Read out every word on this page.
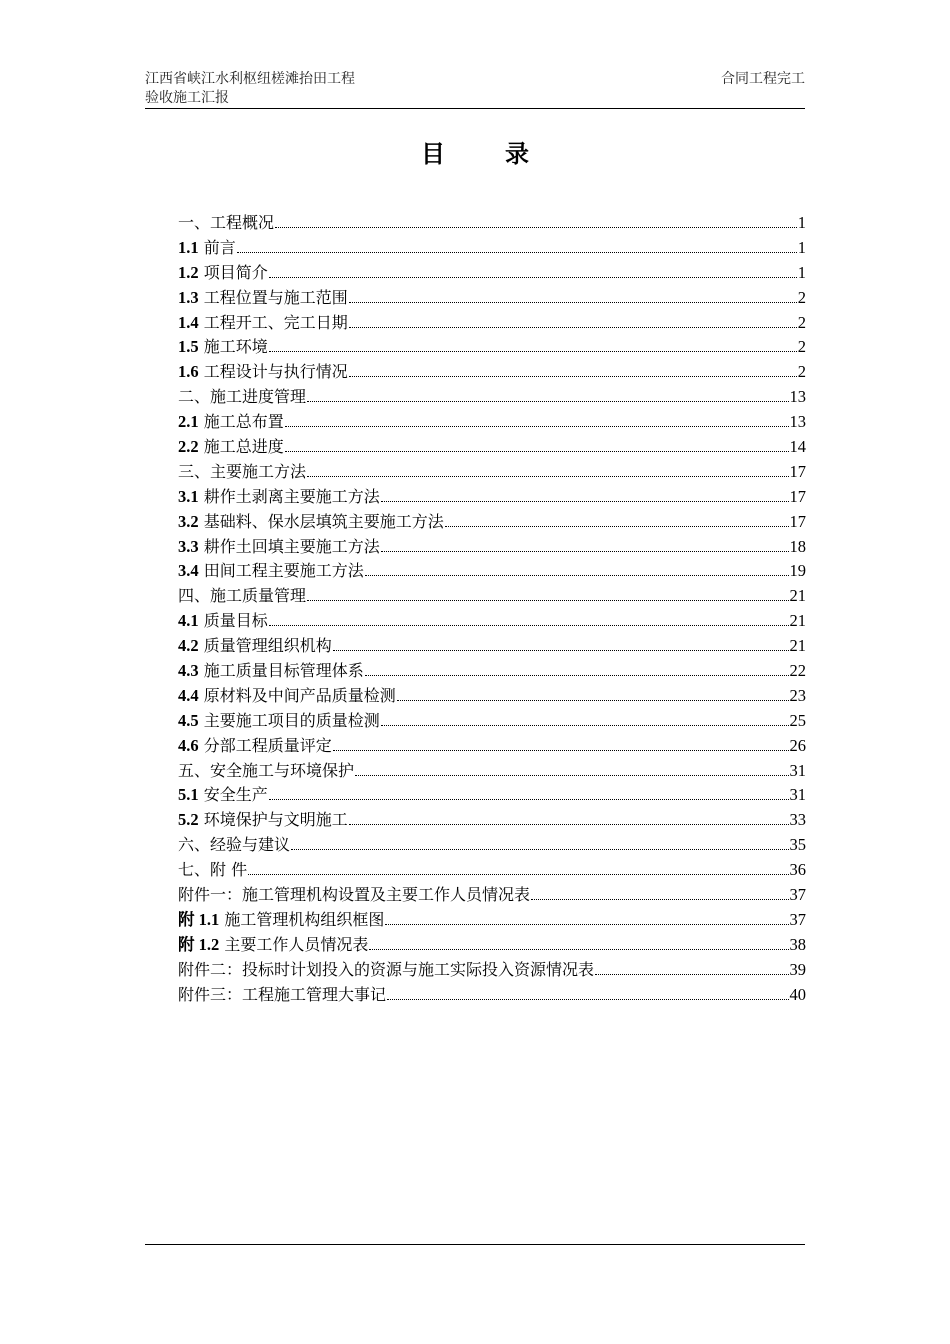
江西省峡江水利枢纽槎滩抬田工程
验收施工汇报
合同工程完工
目	录
一、工程概况	1
1.1 前言	1
1.2 项目简介	1
1.3 工程位置与施工范围	2
1.4 工程开工、完工日期	2
1.5 施工环境	2
1.6 工程设计与执行情况	2
二、施工进度管理	13
2.1 施工总布置	13
2.2 施工总进度	14
三、主要施工方法	17
3.1 耕作土剥离主要施工方法	17
3.2 基础料、保水层填筑主要施工方法	17
3.3 耕作土回填主要施工方法	18
3.4 田间工程主要施工方法	19
四、施工质量管理	21
4.1 质量目标	21
4.2 质量管理组织机构	21
4.3 施工质量目标管理体系	22
4.4 原材料及中间产品质量检测	23
4.5 主要施工项目的质量检测	25
4.6 分部工程质量评定	26
五、安全施工与环境保护	31
5.1 安全生产	31
5.2 环境保护与文明施工	33
六、经验与建议	35
七、附 件	36
附件一：施工管理机构设置及主要工作人员情况表	37
附 1.1 施工管理机构组织框图	37
附 1.2 主要工作人员情况表	38
附件二：投标时计划投入的资源与施工实际投入资源情况表	39
附件三：工程施工管理大事记	40
